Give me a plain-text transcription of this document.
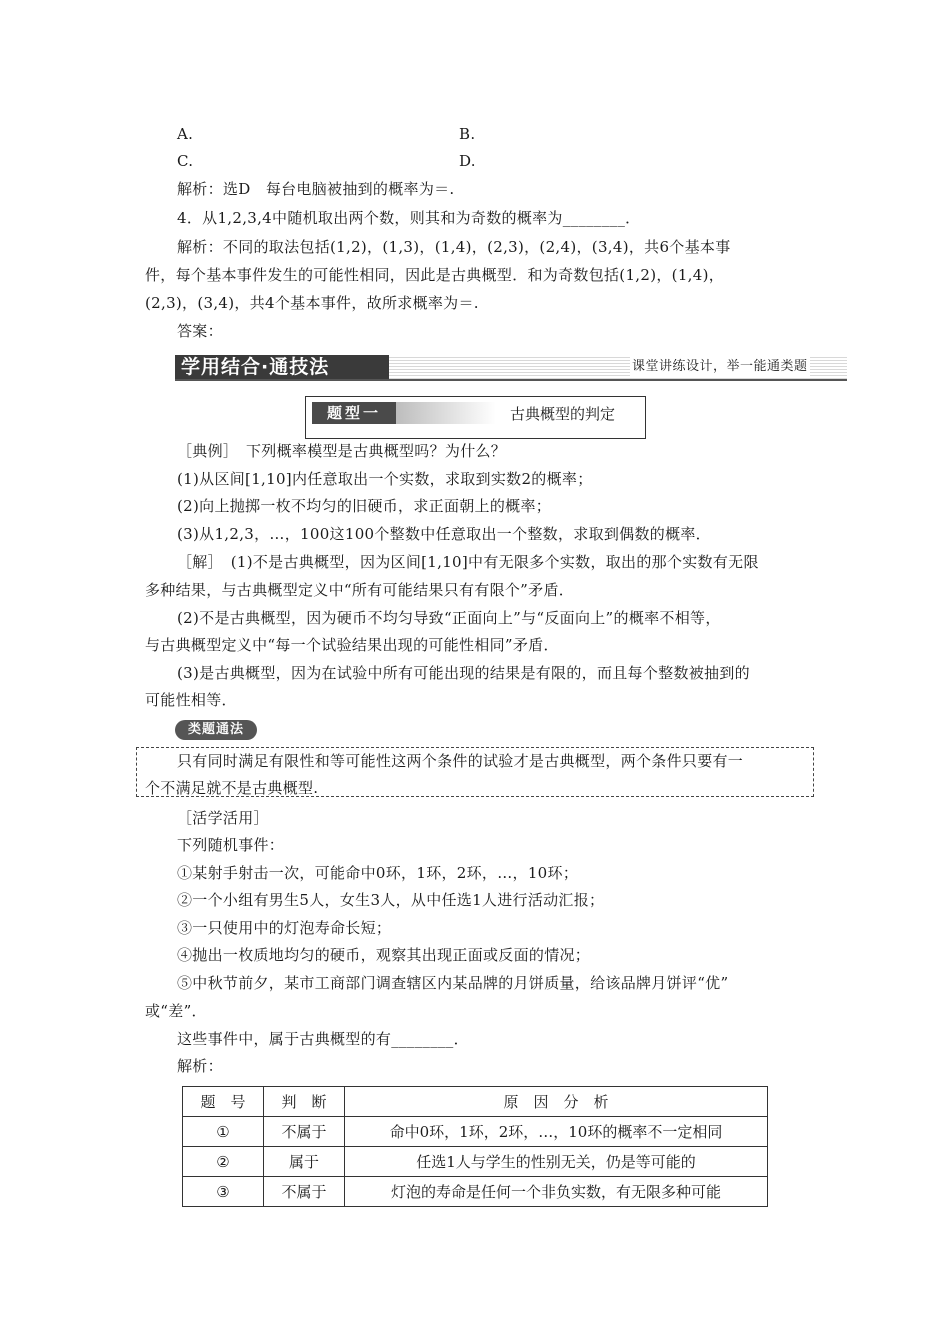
A.	B.
C.	D.
解析：选D　每台电脑被抽到的概率为＝.
4．从1,2,3,4中随机取出两个数，则其和为奇数的概率为________．
解析：不同的取法包括(1,2)，(1,3)，(1,4)，(2,3)，(2,4)，(3,4)，共6个基本事
件，每个基本事件发生的可能性相同，因此是古典概型．和为奇数包括(1,2)，(1,4)，
(2,3)，(3,4)，共4个基本事件，故所求概率为＝.
答案：
学用结合·通技法	课堂讲练设计，举一能通类题
题型一	古典概型的判定
［典例］　下列概率模型是古典概型吗？为什么？
(1)从区间[1,10]内任意取出一个实数，求取到实数2的概率；
(2)向上抛掷一枚不均匀的旧硬币，求正面朝上的概率；
(3)从1,2,3，…，100这100个整数中任意取出一个整数，求取到偶数的概率．
［解］　(1)不是古典概型，因为区间[1,10]中有无限多个实数，取出的那个实数有无限
多种结果，与古典概型定义中“所有可能结果只有有限个”矛盾．
(2)不是古典概型，因为硬币不均匀导致“正面向上”与“反面向上”的概率不相等，
与古典概型定义中“每一个试验结果出现的可能性相同”矛盾．
(3)是古典概型，因为在试验中所有可能出现的结果是有限的，而且每个整数被抽到的
可能性相等．
类题通法
只有同时满足有限性和等可能性这两个条件的试验才是古典概型，两个条件只要有一
个不满足就不是古典概型.
［活学活用］
下列随机事件：
①某射手射击一次，可能命中0环，1环，2环，…，10环；
②一个小组有男生5人，女生3人，从中任选1人进行活动汇报；
③一只使用中的灯泡寿命长短；
④抛出一枚质地均匀的硬币，观察其出现正面或反面的情况；
⑤中秋节前夕，某市工商部门调查辖区内某品牌的月饼质量，给该品牌月饼评“优”
或“差”．
这些事件中，属于古典概型的有________．
解析：
题　号	判　断	原　因　分　析
①	不属于	命中0环，1环，2环，…，10环的概率不一定相同
②	属于	任选1人与学生的性别无关，仍是等可能的
③	不属于	灯泡的寿命是任何一个非负实数，有无限多种可能
